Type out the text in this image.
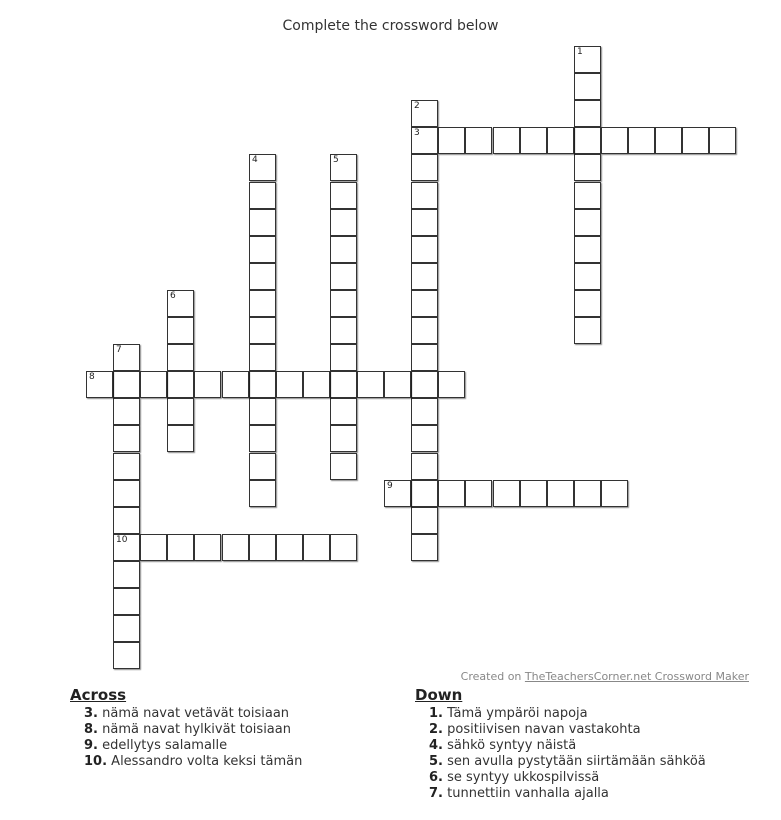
Complete the crossword below
1
2
3
4	5
6
7
10
8
9
Created on TheTeachersCorner.net Crossword Maker
Across
3. nämä navat vetävät toisiaan
8. nämä navat hylkivät toisiaan
9. edellytys salamalle
10. Alessandro volta keksi tämän
Down
1. Tämä ympäröi napoja
2. positiivisen navan vastakohta
4. sähkö syntyy näistä
5. sen avulla pystytään siirtämään sähköä
6. se syntyy ukkospilvissä
7. tunnettiin vanhalla ajalla
